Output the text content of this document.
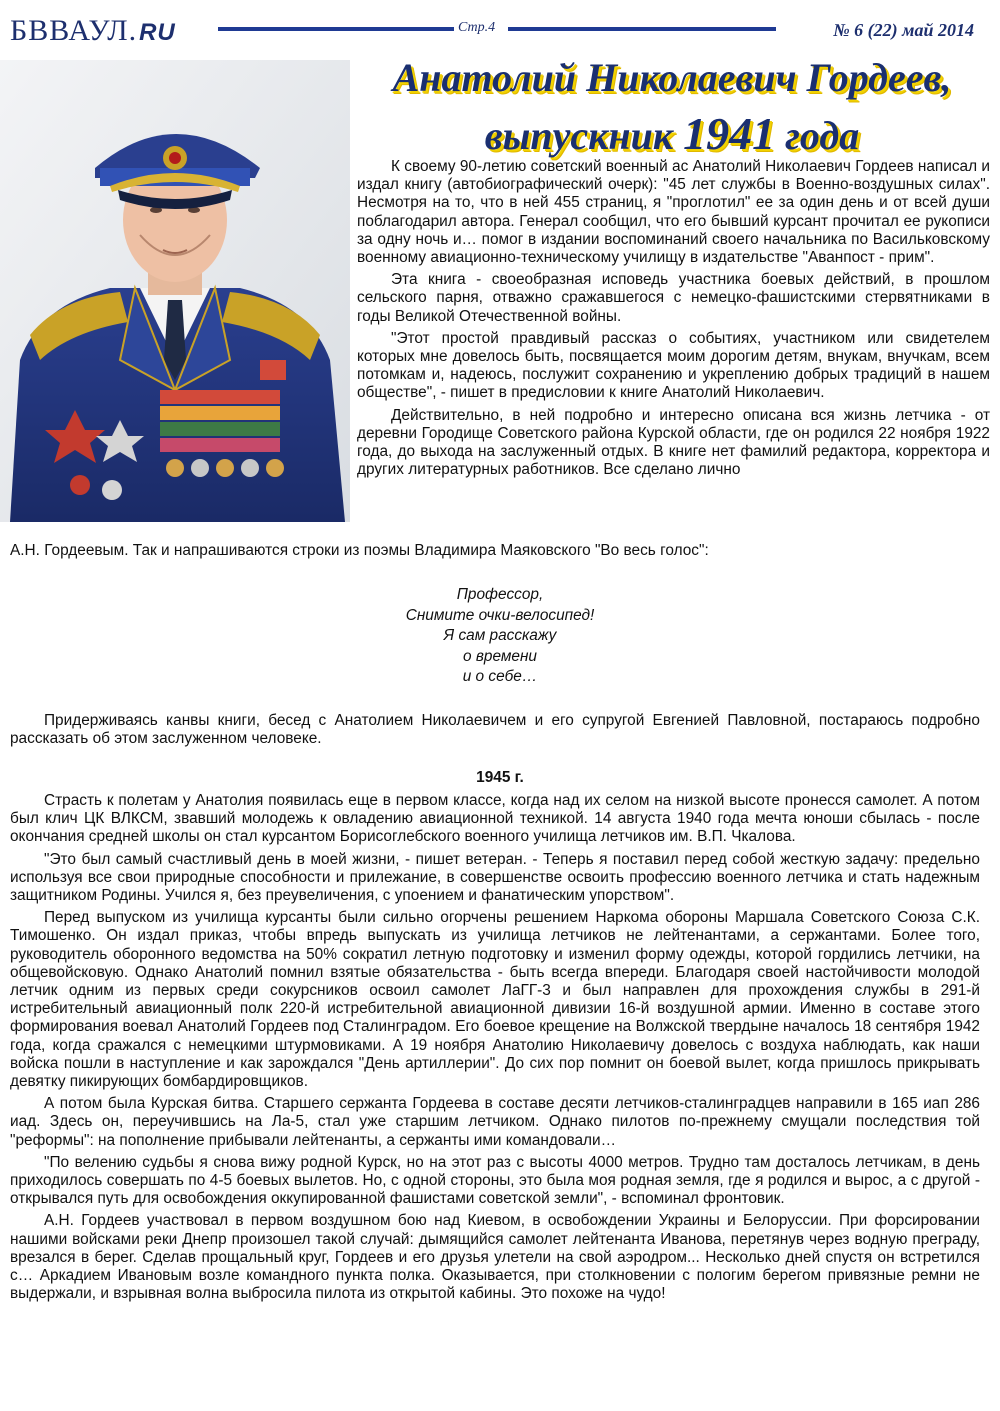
БВВАУЛ.RU	Стр.4	№ 6 (22) май 2014
Анатолий Николаевич Гордеев,
выпускник 1941 года

К своему 90-летию советский военный ас Анатолий Николаевич Гордеев написал и издал книгу (автобиографический очерк): "45 лет службы в Военно-воздушных силах". Несмотря на то, что в ней 455 страниц, я "проглотил" ее за один день и от всей души поблагодарил автора. Генерал сообщил, что его бывший курсант прочитал ее рукописи за одну ночь и… помог в издании воспоминаний своего начальника по Васильковскому военному авиационно-техническому училищу в издательстве "Аванпост - прим".

Эта книга - своеобразная исповедь участника боевых действий, в прошлом сельского парня, отважно сражавшегося с немецко-фашистскими стервятниками в годы Великой Отечественной войны.

"Этот простой правдивый рассказ о событиях, участником или свидетелем которых мне довелось быть, посвящается моим дорогим детям, внукам, внучкам, всем потомкам и, надеюсь, послужит сохранению и укреплению добрых традиций в нашем обществе", - пишет в предисловии к книге Анатолий Николаевич.

Действительно, в ней подробно и интересно описана вся жизнь летчика - от деревни Городище Советского района Курской области, где он родился 22 ноября 1922 года, до выхода на заслуженный отдых. В книге нет фамилий редактора, корректора и других литературных работников. Все сделано лично

А.Н. Гордеевым. Так и напрашиваются строки из поэмы Владимира Маяковского "Во весь голос":
Профессор,
Снимите очки-велосипед!
Я сам расскажу
о времени
и о себе…

Придерживаясь канвы книги, бесед с Анатолием Николаевичем и его супругой Евгенией Павловной, постараюсь подробно рассказать об этом заслуженном человеке.

1945 г.

Страсть к полетам у Анатолия появилась еще в первом классе, когда над их селом на низкой высоте пронесся самолет. А потом был клич ЦК ВЛКСМ, звавший молодежь к овладению авиационной техникой. 14 августа 1940 года мечта юноши сбылась - после окончания средней школы он стал курсантом Борисоглебского военного училища летчиков им. В.П. Чкалова.

"Это был самый счастливый день в моей жизни, - пишет ветеран. - Теперь я поставил перед собой жесткую задачу: предельно используя все свои природные способности и прилежание, в совершенстве освоить профессию военного летчика и стать надежным защитником Родины. Учился я, без преувеличения, с упоением и фанатическим упорством".

Перед выпуском из училища курсанты были сильно огорчены решением Наркома обороны Маршала Советского Союза С.К. Тимошенко. Он издал приказ, чтобы впредь выпускать из училища летчиков не лейтенантами, а сержантами. Более того, руководитель оборонного ведомства на 50% сократил летную подготовку и изменил форму одежды, которой гордились летчики, на общевойсковую. Однако Анатолий помнил взятые обязательства - быть всегда впереди. Благодаря своей настойчивости молодой летчик одним из первых среди сокурсников освоил самолет ЛаГГ-3 и был направлен для прохождения службы в 291-й истребительный авиационный полк 220-й истребительной авиационной дивизии 16-й воздушной армии. Именно в составе этого формирования воевал Анатолий Гордеев под Сталинградом. Его боевое крещение на Волжской твердыне началось 18 сентября 1942 года, когда сражался с немецкими штурмовиками. А 19 ноября Анатолию Николаевичу довелось с воздуха наблюдать, как наши войска пошли в наступление и как зарождался "День артиллерии". До сих пор помнит он боевой вылет, когда пришлось прикрывать девятку пикирующих бомбардировщиков.

А потом была Курская битва. Старшего сержанта Гордеева в составе десяти летчиков-сталинградцев направили в 165 иап 286 иад. Здесь он, переучившись на Ла-5, стал уже старшим летчиком. Однако пилотов по-прежнему смущали последствия той "реформы": на пополнение прибывали лейтенанты, а сержанты ими командовали…

"По велению судьбы я снова вижу родной Курск, но на этот раз с высоты 4000 метров. Трудно там досталось летчикам, в день приходилось совершать по 4-5 боевых вылетов. Но, с одной стороны, это была моя родная земля, где я родился и вырос, а с другой - открывался путь для освобождения оккупированной фашистами советской земли", - вспоминал фронтовик.

А.Н. Гордеев участвовал в первом воздушном бою над Киевом, в освобождении Украины и Белоруссии. При форсировании нашими войсками реки Днепр произошел такой случай: дымящийся самолет лейтенанта Иванова, перетянув через водную преграду, врезался в берег. Сделав прощальный круг, Гордеев и его друзья улетели на свой аэродром... Несколько дней спустя он встретился с… Аркадием Ивановым возле командного пункта полка. Оказывается, при столкновении с пологим берегом привязные ремни не выдержали, и взрывная волна выбросила пилота из открытой кабины. Это похоже на чудо!
